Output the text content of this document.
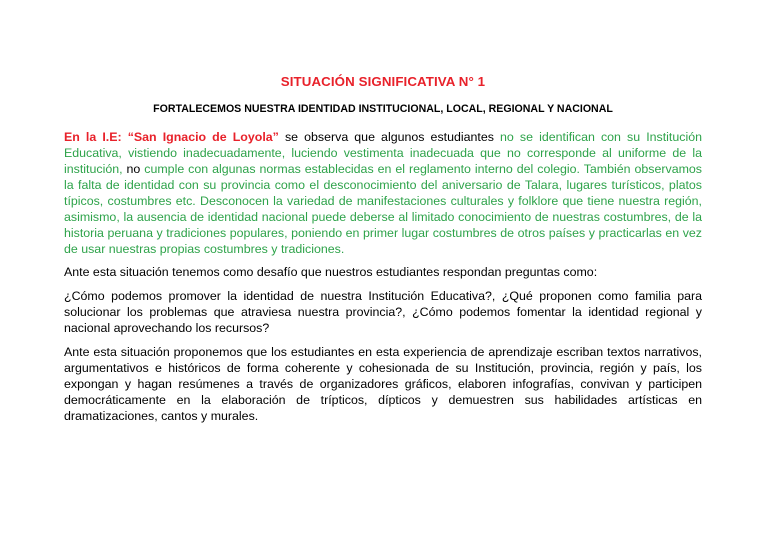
SITUACIÓN SIGNIFICATIVA N° 1
FORTALECEMOS NUESTRA IDENTIDAD INSTITUCIONAL, LOCAL, REGIONAL Y NACIONAL

En la I.E: “San Ignacio de Loyola” se observa que algunos estudiantes no se identifican con su Institución Educativa, vistiendo inadecuadamente, luciendo vestimenta inadecuada que no corresponde al uniforme de la institución, no cumple con algunas normas establecidas en el reglamento interno del colegio. También observamos la falta de identidad con su provincia como el desconocimiento del aniversario de Talara, lugares turísticos, platos típicos, costumbres etc. Desconocen la variedad de manifestaciones culturales y folklore que tiene nuestra región, asimismo, la ausencia de identidad nacional puede deberse al limitado conocimiento de nuestras costumbres, de la historia peruana y tradiciones populares, poniendo en primer lugar costumbres de otros países y practicarlas en vez de usar nuestras propias costumbres y tradiciones.

Ante esta situación tenemos como desafío que nuestros estudiantes respondan preguntas como:

¿Cómo podemos promover la identidad de nuestra Institución Educativa?, ¿Qué proponen como familia para solucionar los problemas que atraviesa nuestra provincia?, ¿Cómo podemos fomentar la identidad regional y nacional aprovechando los recursos?

Ante esta situación proponemos que los estudiantes en esta experiencia de aprendizaje escriban textos narrativos, argumentativos e históricos de forma coherente y cohesionada de su Institución, provincia, región y país, los expongan y hagan resúmenes a través de organizadores gráficos, elaboren infografías, convivan y participen democráticamente en la elaboración de trípticos, dípticos y demuestren sus habilidades artísticas en dramatizaciones, cantos y murales.
